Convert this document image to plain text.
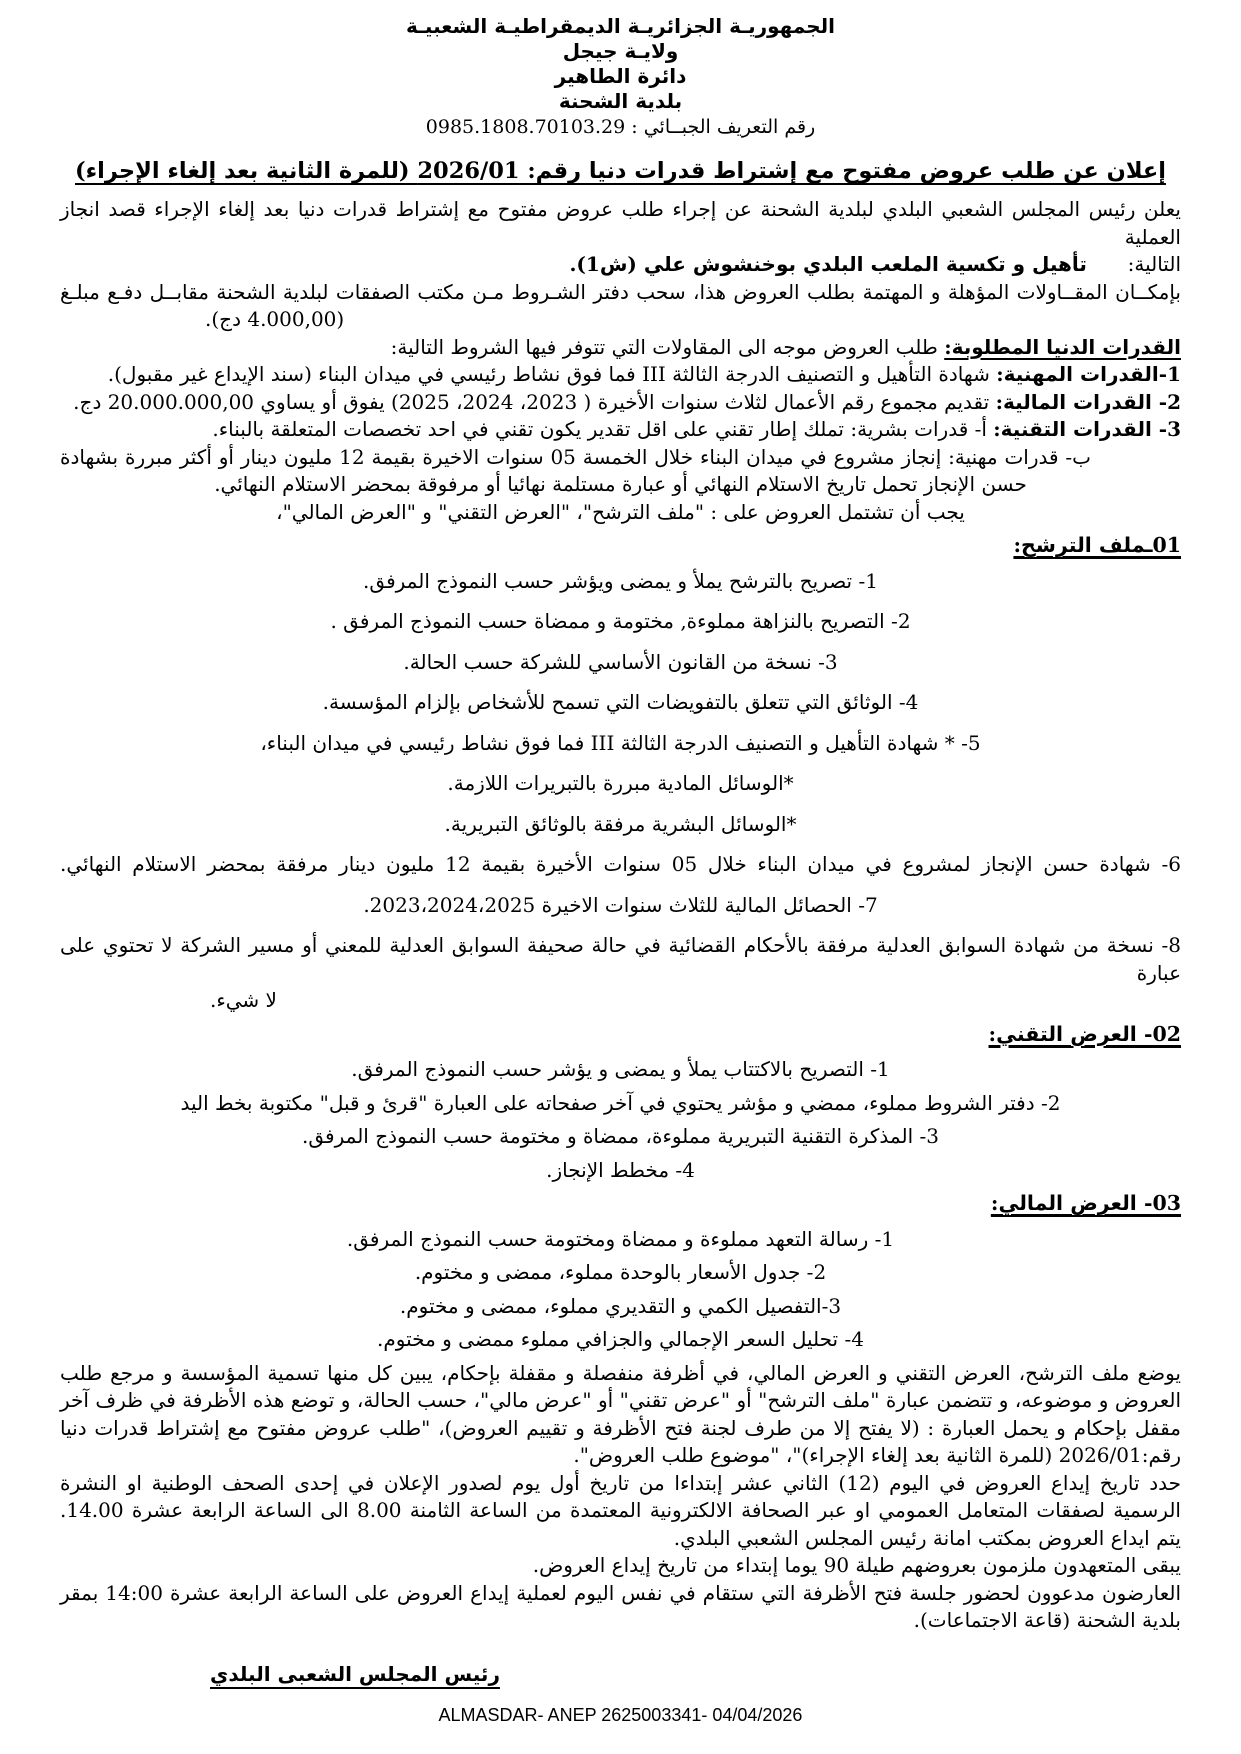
الجمهوريـة الجزائريـة الديمقراطيـة الشعبيـة
ولايـة جيجل
دائرة الطاهير
بلدية الشحنة
رقم التعريف الجبــائي : 0985.1808.70103.29
إعلان عن طلب عروض مفتوح مع إشتراط قدرات دنيا رقم: 2026/01 (للمرة الثانية بعد إلغاء الإجراء)
يعلن رئيس المجلس الشعبي البلدي لبلدية الشحنة عن إجراء طلب عروض مفتوح مع إشتراط قدرات دنيا بعد إلغاء الإجراء قصد انجاز العملية
التالية:  تأهيل و تكسية الملعب البلدي بوخنشوش علي (ش1).
بإمكــان المقــاولات المؤهلة و المهتمة بطلب العروض هذا، سحب دفتر الشـروط مـن مكتب الصفقات لبلدية الشحنة مقابــل دفـع مبلـغ
(4.000,00 دج).
القدرات الدنيا المطلوبة: طلب العروض موجه الى المقاولات التي تتوفر فيها الشروط التالية:
1-القدرات المهنية: شهادة التأهيل و التصنيف الدرجة الثالثة III فما فوق نشاط رئيسي في ميدان البناء (سند الإيداع غير مقبول).
2- القدرات المالية: تقديم مجموع رقم الأعمال لثلاث سنوات الأخيرة ( 2023، 2024، 2025) يفوق أو يساوي 20.000.000,00 دج.
3- القدرات التقنية: أ- قدرات بشرية: تملك إطار تقني على اقل تقدير يكون تقني في احد تخصصات المتعلقة بالبناء.
ب- قدرات مهنية: إنجاز مشروع في ميدان البناء خلال الخمسة 05 سنوات الاخيرة بقيمة 12 مليون دينار أو أكثر مبررة بشهادة
حسن الإنجاز تحمل تاريخ الاستلام النهائي أو عبارة مستلمة نهائيا أو مرفوقة بمحضر الاستلام النهائي.
يجب أن تشتمل العروض على : "ملف الترشح"، "العرض التقني" و "العرض المالي"،
01ـملف الترشح:
1- تصريح بالترشح يملأ و يمضى ويؤشر حسب النموذج المرفق.
2- التصريح بالنزاهة مملوءة, مختومة و ممضاة حسب النموذج المرفق .
3- نسخة من القانون الأساسي للشركة حسب الحالة.
4- الوثائق التي تتعلق بالتفويضات التي تسمح للأشخاص بإلزام المؤسسة.
5- * شهادة التأهيل و التصنيف الدرجة الثالثة III فما فوق نشاط رئيسي في ميدان البناء،
*الوسائل المادية مبررة بالتبريرات اللازمة.
*الوسائل البشرية مرفقة بالوثائق التبريرية.
6- شهادة حسن الإنجاز لمشروع في ميدان البناء خلال 05 سنوات الأخيرة بقيمة 12 مليون دينار مرفقة بمحضر الاستلام النهائي.
7- الحصائل المالية للثلاث سنوات الاخيرة 2023،2024،2025.
8- نسخة من شهادة السوابق العدلية مرفقة بالأحكام القضائية في حالة صحيفة السوابق العدلية للمعني أو مسير الشركة لا تحتوي على عبارة
لا شيء.
02- العرض التقني:
1- التصريح بالاكتتاب يملأ و يمضى و يؤشر حسب النموذج المرفق.
2- دفتر الشروط مملوء، ممضي و مؤشر يحتوي في آخر صفحاته على العبارة "قرئ و قبل" مكتوبة بخط اليد
3- المذكرة التقنية التبريرية مملوءة، ممضاة و مختومة حسب النموذج المرفق.
4- مخطط الإنجاز.
03- العرض المالي:
1- رسالة التعهد مملوءة و ممضاة ومختومة حسب النموذج المرفق.
2- جدول الأسعار بالوحدة مملوء، ممضى و مختوم.
3-التفصيل الكمي و التقديري مملوء، ممضى و مختوم.
4- تحليل السعر الإجمالي والجزافي مملوء ممضى و مختوم.
يوضع ملف الترشح، العرض التقني و العرض المالي، في أظرفة منفصلة و مقفلة بإحكام، يبين كل منها تسمية المؤسسة و مرجع طلب العروض و موضوعه، و تتضمن عبارة "ملف الترشح" أو "عرض تقني" أو "عرض مالي"، حسب الحالة، و توضع هذه الأظرفة في ظرف آخر مقفل بإحكام و يحمل العبارة : (لا يفتح إلا من طرف لجنة فتح الأظرفة و تقييم العروض)، "طلب عروض مفتوح مع إشتراط قدرات دنيا رقم:2026/01 (للمرة الثانية بعد إلغاء الإجراء)"، "موضوع طلب العروض".
حدد تاريخ إيداع العروض في اليوم (12) الثاني عشر إبتداءا من تاريخ أول يوم لصدور الإعلان في إحدى الصحف الوطنية او النشرة الرسمية لصفقات المتعامل العمومي او عبر الصحافة الالكترونية المعتمدة من الساعة الثامنة 8.00 الى الساعة الرابعة عشرة 14.00.
يتم ايداع العروض بمكتب امانة رئيس المجلس الشعبي البلدي.
يبقى المتعهدون ملزمون بعروضهم طيلة 90 يوما إبتداء من تاريخ إيداع العروض.
العارضون مدعوون لحضور جلسة فتح الأظرفة التي ستقام في نفس اليوم لعملية إيداع العروض على الساعة الرابعة عشرة 14:00 بمقر بلدية الشحنة (قاعة الاجتماعات).
رئيس المجلس الشعبى البلدي
ALMASDAR- ANEP 2625003341- 04/04/2026
